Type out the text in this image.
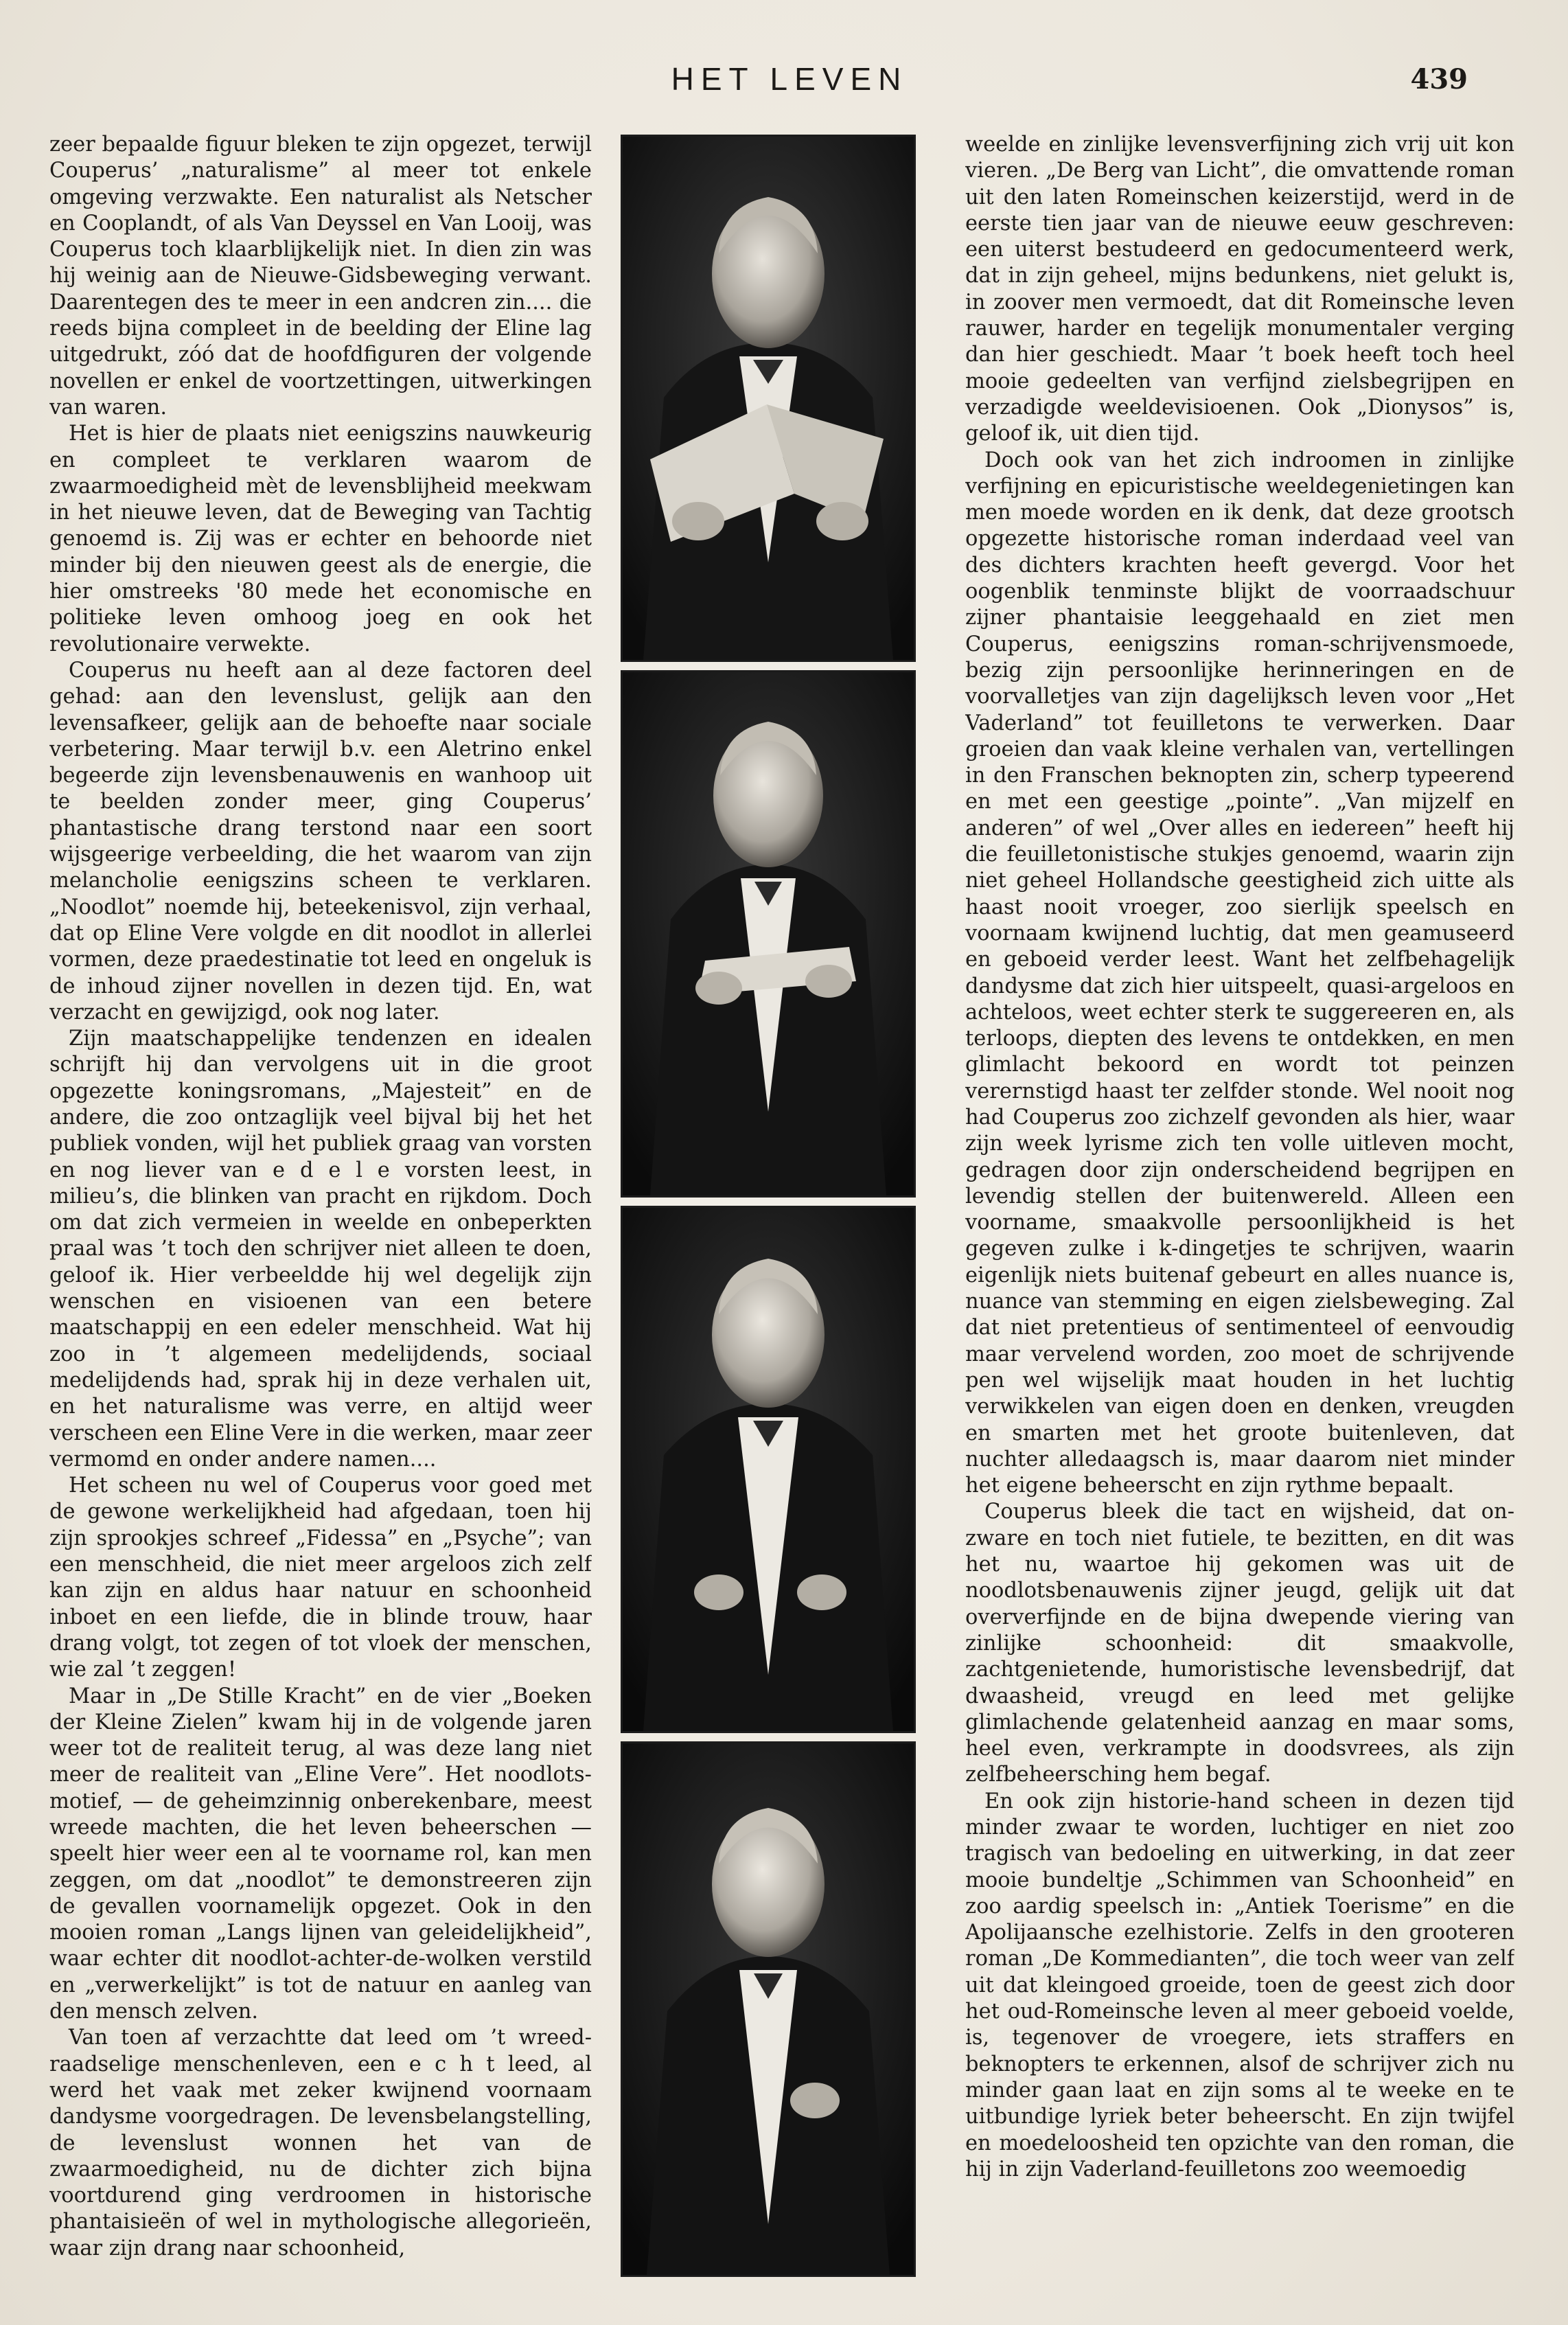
HET LEVEN	439

zeer bepaalde figuur bleken te zijn opgezet, terwijl Couperus’ „naturalisme” al meer tot enkele omgeving verzwakte. Een naturalist als Netscher en Cooplandt, of als Van Deyssel en Van Looij, was Couperus toch klaarblijkelijk niet. In dien zin was hij weinig aan de Nieuwe-Gidsbeweging verwant. Daarentegen des te meer in een andcren zin.... die reeds bijna compleet in de beelding der Eline lag uitgedrukt, zóó dat de hoofdfiguren der volgende novellen er enkel de voortzettingen, uitwerkingen van waren.

Het is hier de plaats niet eenigszins nauwkeurig en compleet te verklaren waarom de zwaarmoedigheid mèt de levensblijheid meekwam in het nieuwe leven, dat de Beweging van Tachtig genoemd is. Zij was er echter en behoorde niet minder bij den nieuwen geest als de energie, die hier omstreeks '80 mede het economische en politieke leven omhoog joeg en ook het revolutionaire verwekte.

Couperus nu heeft aan al deze factoren deel gehad: aan den levenslust, gelijk aan den levensafkeer, gelijk aan de behoefte naar sociale verbetering. Maar terwijl b.v. een Aletrino enkel begeerde zijn levensbenauwenis en wanhoop uit te beelden zonder meer, ging Couperus’ phantastische drang terstond naar een soort wijsgeerige verbeelding, die het waarom van zijn melancholie eenigszins scheen te verklaren. „Noodlot” noemde hij, beteekenisvol, zijn verhaal, dat op Eline Vere volgde en dit noodlot in allerlei vormen, deze praedestinatie tot leed en ongeluk is de inhoud zijner novellen in dezen tijd. En, wat verzacht en gewijzigd, ook nog later.

Zijn maatschappelijke tendenzen en idealen schrijft hij dan vervolgens uit in die groot opgezette koningsromans, „Majesteit” en de andere, die zoo ontzaglijk veel bijval bij het het publiek vonden, wijl het publiek graag van vorsten en nog liever van e d e l e vorsten leest, in milieu’s, die blinken van pracht en rijkdom. Doch om dat zich vermeien in weelde en onbeperkten praal was ’t toch den schrijver niet alleen te doen, geloof ik. Hier verbeeldde hij wel degelijk zijn wenschen en visioenen van een betere maatschappij en een edeler menschheid. Wat hij zoo in ’t algemeen medelijdends, sociaal medelijdends had, sprak hij in deze verhalen uit, en het naturalisme was verre, en altijd weer verscheen een Eline Vere in die werken, maar zeer vermomd en onder andere namen....

Het scheen nu wel of Couperus voor goed met de gewone werkelijkheid had afgedaan, toen hij zijn sprookjes schreef „Fidessa” en „Psyche”; van een menschheid, die niet meer argeloos zich zelf kan zijn en aldus haar natuur en schoonheid inboet en een liefde, die in blinde trouw, haar drang volgt, tot zegen of tot vloek der menschen, wie zal ’t zeggen!

Maar in „De Stille Kracht” en de vier „Boeken der Kleine Zielen” kwam hij in de volgende jaren weer tot de realiteit terug, al was deze lang niet meer de realiteit van „Eline Vere”. Het noodlots-motief, — de geheimzinnig onberekenbare, meest wreede machten, die het leven beheerschen — speelt hier weer een al te voorname rol, kan men zeggen, om dat „noodlot” te demonstreeren zijn de gevallen voornamelijk opgezet. Ook in den mooien roman „Langs lijnen van geleidelijkheid”, waar echter dit noodlot-achter-de-wolken verstild en „verwerkelijkt” is tot de natuur en aanleg van den mensch zelven.

Van toen af verzachtte dat leed om ’t wreed-raadselige menschenleven, een e c h t leed, al werd het vaak met zeker kwijnend voornaam dandysme voorgedragen. De levensbelangstelling, de levenslust wonnen het van de zwaarmoedigheid, nu de dichter zich bijna voortdurend ging verdroomen in historische phantaisieën of wel in mythologische allegorieën, waar zijn drang naar schoonheid,

weelde en zinlijke levensverfijning zich vrij uit kon vieren. „De Berg van Licht”, die omvattende roman uit den laten Romeinschen keizerstijd, werd in de eerste tien jaar van de nieuwe eeuw geschreven: een uiterst bestudeerd en gedocumenteerd werk, dat in zijn geheel, mijns bedunkens, niet gelukt is, in zoover men vermoedt, dat dit Romeinsche leven rauwer, harder en tegelijk monumentaler verging dan hier geschiedt. Maar ’t boek heeft toch heel mooie gedeelten van verfijnd zielsbegrijpen en verzadigde weeldevisioenen. Ook „Dionysos” is, geloof ik, uit dien tijd.

Doch ook van het zich indroomen in zinlijke verfijning en epicuristische weeldegenietingen kan men moede worden en ik denk, dat deze grootsch opgezette historische roman inderdaad veel van des dichters krachten heeft gevergd. Voor het oogenblik tenminste blijkt de voorraadschuur zijner phantaisie leeggehaald en ziet men Couperus, eenigszins roman-schrijvensmoede, bezig zijn persoonlijke herinneringen en de voorvalletjes van zijn dagelijksch leven voor „Het Vaderland” tot feuilletons te verwerken. Daar groeien dan vaak kleine verhalen van, vertellingen in den Franschen beknopten zin, scherp typeerend en met een geestige „pointe”. „Van mijzelf en anderen” of wel „Over alles en iedereen” heeft hij die feuilletonistische stukjes genoemd, waarin zijn niet geheel Hollandsche geestigheid zich uitte als haast nooit vroeger, zoo sierlijk speelsch en voornaam kwijnend luchtig, dat men geamuseerd en geboeid verder leest. Want het zelfbehagelijk dandysme dat zich hier uitspeelt, quasi-argeloos en achteloos, weet echter sterk te suggereeren en, als terloops, diepten des levens te ontdekken, en men glimlacht bekoord en wordt tot peinzen verernstigd haast ter zelfder stonde. Wel nooit nog had Couperus zoo zichzelf gevonden als hier, waar zijn week lyrisme zich ten volle uitleven mocht, gedragen door zijn onderscheidend begrijpen en levendig stellen der buitenwereld. Alleen een voorname, smaakvolle persoonlijkheid is het gegeven zulke i k-dingetjes te schrijven, waarin eigenlijk niets buitenaf gebeurt en alles nuance is, nuance van stemming en eigen zielsbeweging. Zal dat niet pretentieus of sentimenteel of eenvoudig maar vervelend worden, zoo moet de schrijvende pen wel wijselijk maat houden in het luchtig verwikkelen van eigen doen en denken, vreugden en smarten met het groote buitenleven, dat nuchter alledaagsch is, maar daarom niet minder het eigene beheerscht en zijn rythme bepaalt.

Couperus bleek die tact en wijsheid, dat on-zware en toch niet futiele, te bezitten, en dit was het nu, waartoe hij gekomen was uit de noodlotsbenauwenis zijner jeugd, gelijk uit dat oververfijnde en de bijna dwepende viering van zinlijke schoonheid: dit smaakvolle, zachtgenietende, humoristische levensbedrijf, dat dwaasheid, vreugd en leed met gelijke glimlachende gelatenheid aanzag en maar soms, heel even, verkrampte in doodsvrees, als zijn zelfbeheersching hem begaf.

En ook zijn historie-hand scheen in dezen tijd minder zwaar te worden, luchtiger en niet zoo tragisch van bedoeling en uitwerking, in dat zeer mooie bundeltje „Schimmen van Schoonheid” en zoo aardig speelsch in: „Antiek Toerisme” en die Apolijaansche ezelhistorie. Zelfs in den grooteren roman „De Kommedianten”, die toch weer van zelf uit dat kleingoed groeide, toen de geest zich door het oud-Romeinsche leven al meer geboeid voelde, is, tegenover de vroegere, iets straffers en beknopters te erkennen, alsof de schrijver zich nu minder gaan laat en zijn soms al te weeke en te uitbundige lyriek beter beheerscht. En zijn twijfel en moedeloosheid ten opzichte van den roman, die hij in zijn Vaderland-feuilletons zoo weemoedig
